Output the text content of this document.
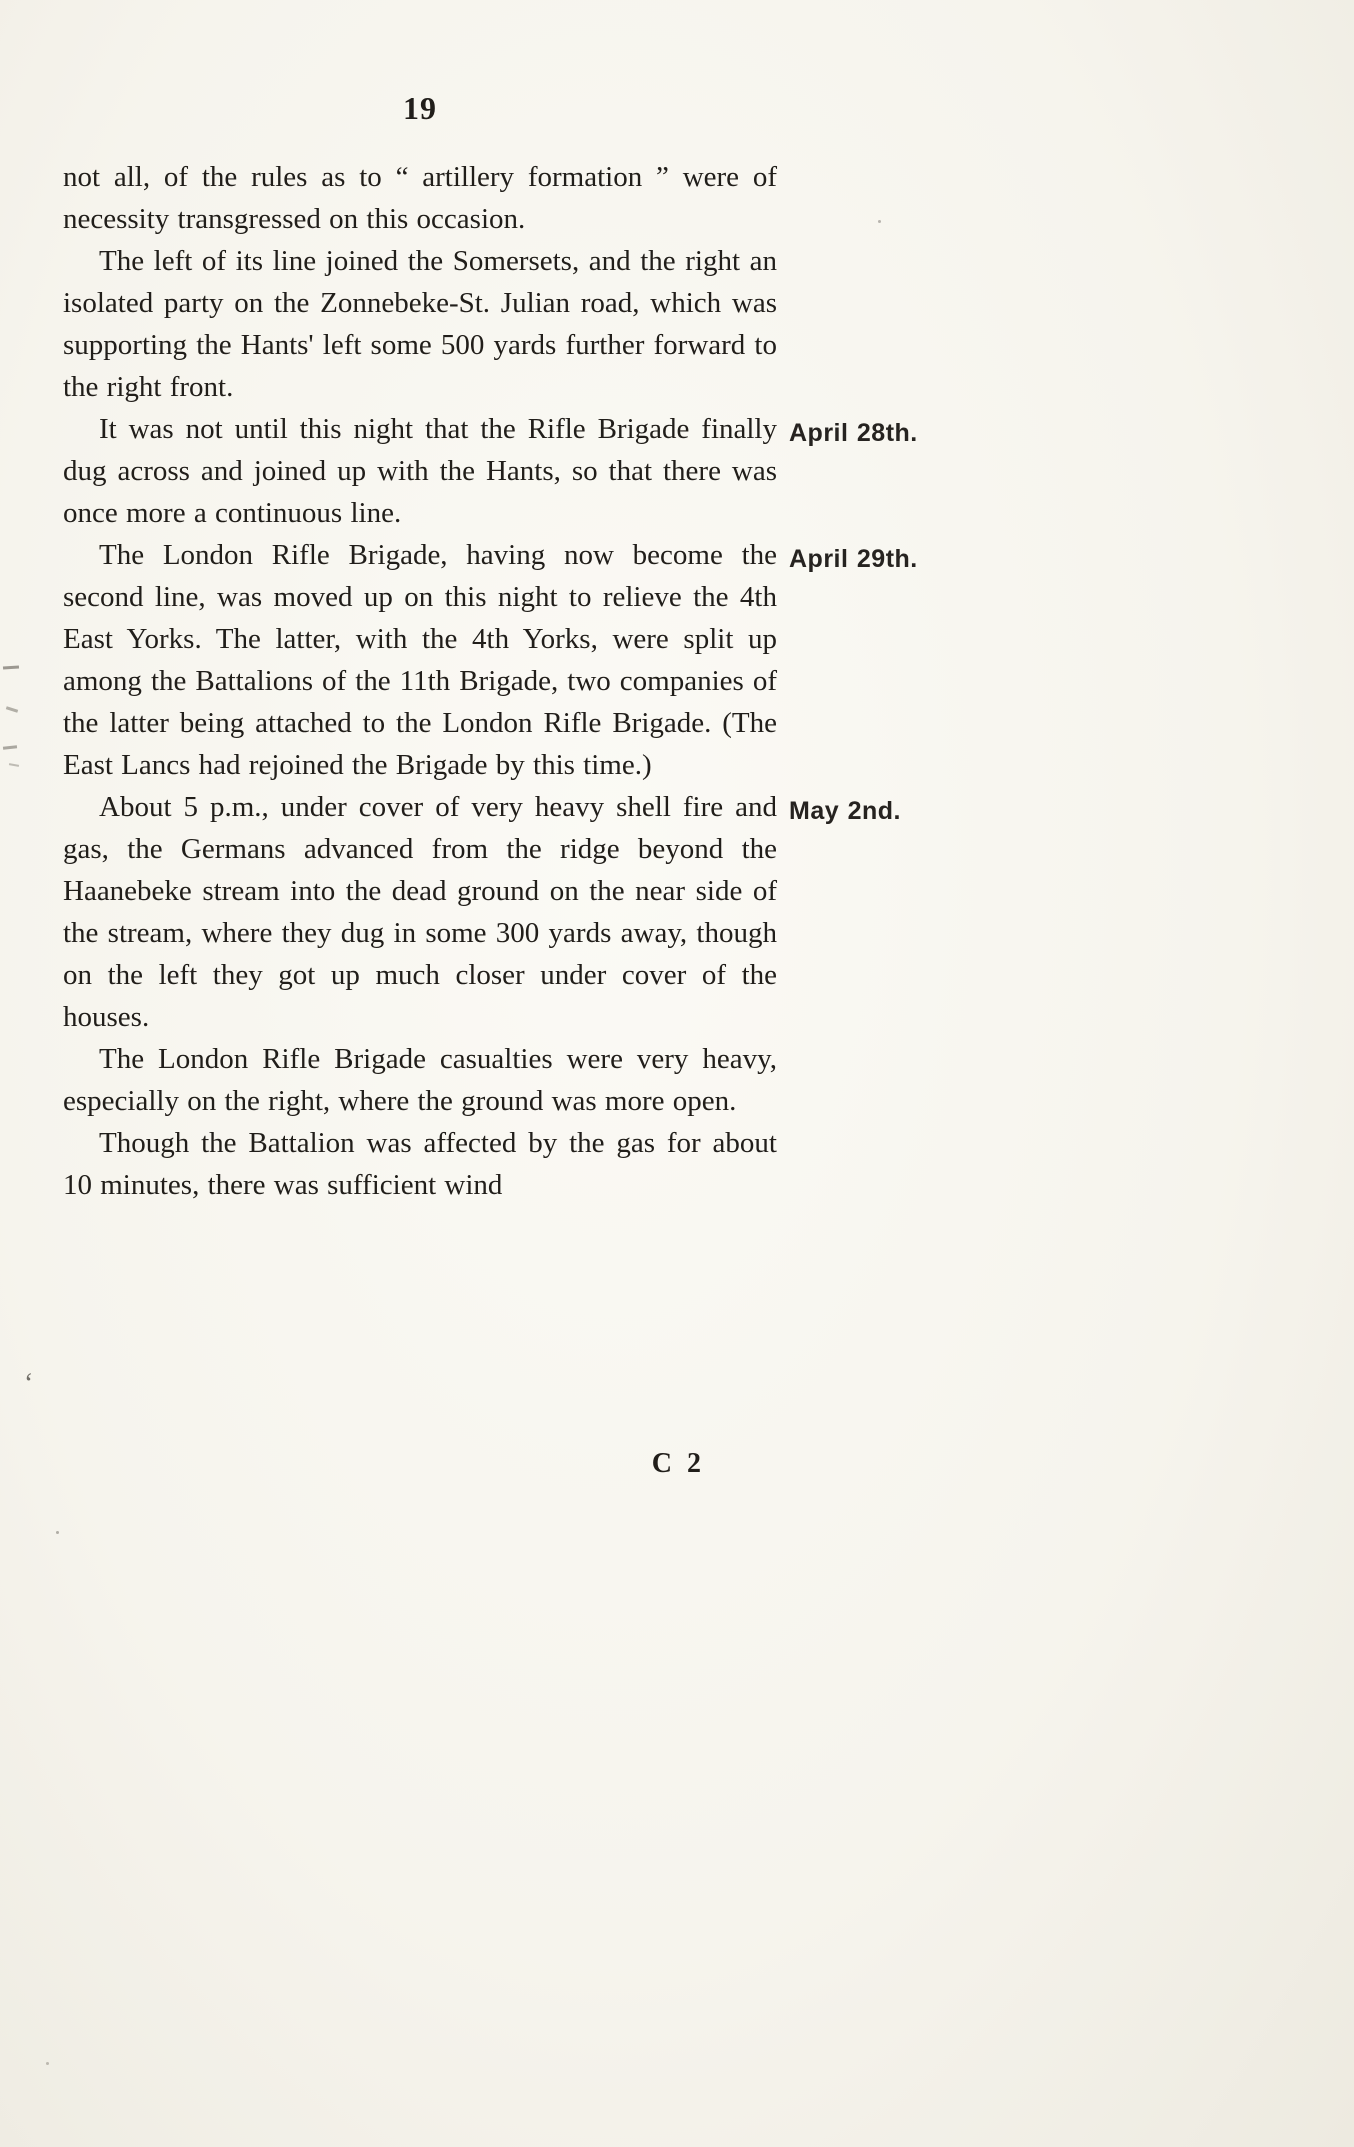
19

not all, of the rules as to “ artillery formation ” were of necessity transgressed on this occasion.

The left of its line joined the Somersets, and the right an isolated party on the Zonnebeke-St. Julian road, which was supporting the Hants' left some 500 yards further forward to the right front.

April 28th.
It was not until this night that the Rifle Brigade finally dug across and joined up with the Hants, so that there was once more a continuous line.

April 29th.
The London Rifle Brigade, having now become the second line, was moved up on this night to relieve the 4th East Yorks. The latter, with the 4th Yorks, were split up among the Battalions of the 11th Brigade, two companies of the latter being attached to the London Rifle Brigade. (The East Lancs had rejoined the Brigade by this time.)

May 2nd.
About 5 p.m., under cover of very heavy shell fire and gas, the Germans advanced from the ridge beyond the Haanebeke stream into the dead ground on the near side of the stream, where they dug in some 300 yards away, though on the left they got up much closer under cover of the houses.

The London Rifle Brigade casualties were very heavy, especially on the right, where the ground was more open.

Though the Battalion was affected by the gas for about 10 minutes, there was sufficient wind

C 2
‘
